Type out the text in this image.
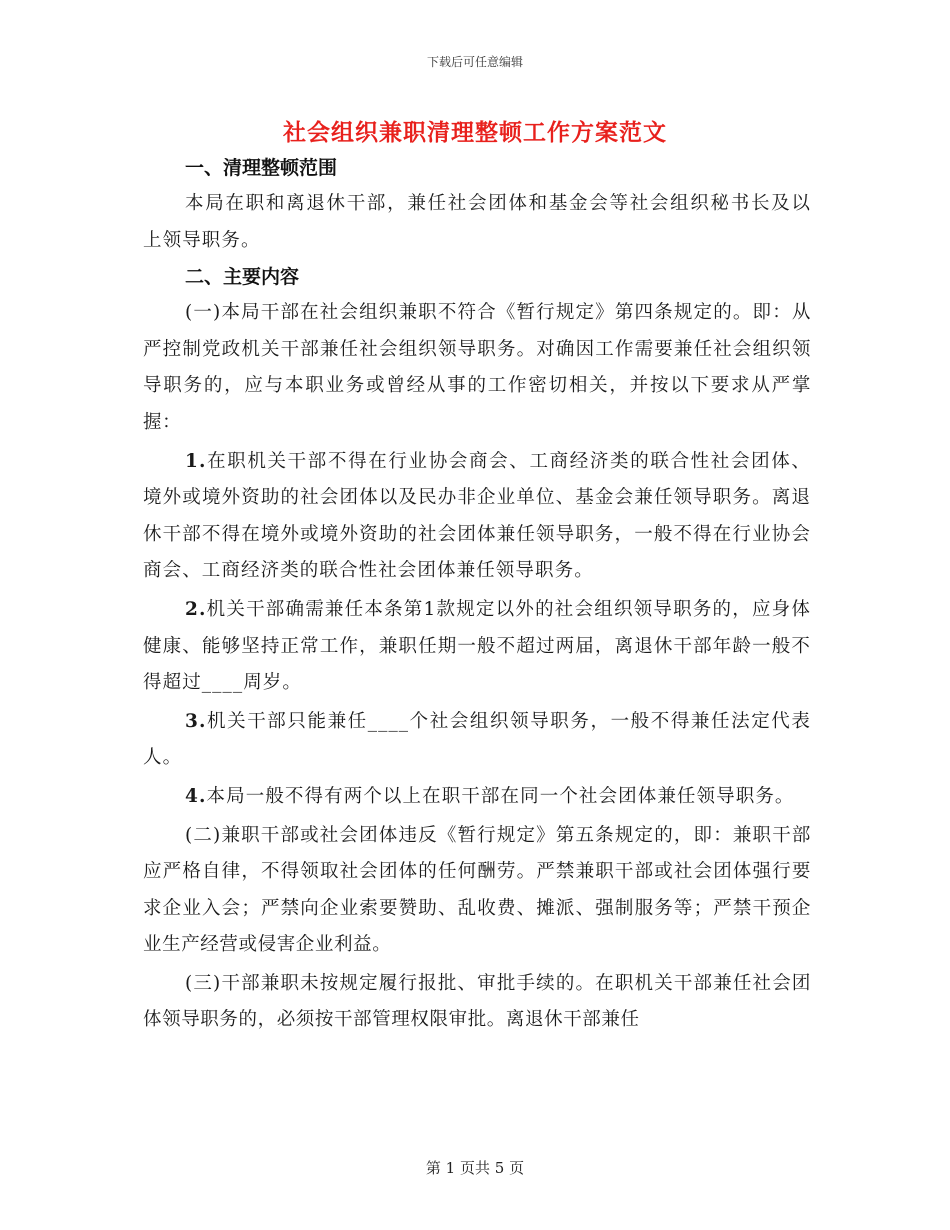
下载后可任意编辑
社会组织兼职清理整顿工作方案范文

一、清理整顿范围

本局在职和离退休干部，兼任社会团体和基金会等社会组织秘书长及以上领导职务。

二、主要内容

(一)本局干部在社会组织兼职不符合《暂行规定》第四条规定的。即：从严控制党政机关干部兼任社会组织领导职务。对确因工作需要兼任社会组织领导职务的，应与本职业务或曾经从事的工作密切相关，并按以下要求从严掌握：

1.在职机关干部不得在行业协会商会、工商经济类的联合性社会团体、境外或境外资助的社会团体以及民办非企业单位、基金会兼任领导职务。离退休干部不得在境外或境外资助的社会团体兼任领导职务，一般不得在行业协会商会、工商经济类的联合性社会团体兼任领导职务。

2.机关干部确需兼任本条第1款规定以外的社会组织领导职务的，应身体健康、能够坚持正常工作，兼职任期一般不超过两届，离退休干部年龄一般不得超过____周岁。

3.机关干部只能兼任____个社会组织领导职务，一般不得兼任法定代表人。

4.本局一般不得有两个以上在职干部在同一个社会团体兼任领导职务。

(二)兼职干部或社会团体违反《暂行规定》第五条规定的，即：兼职干部应严格自律，不得领取社会团体的任何酬劳。严禁兼职干部或社会团体强行要求企业入会；严禁向企业索要赞助、乱收费、摊派、强制服务等；严禁干预企业生产经营或侵害企业利益。

(三)干部兼职未按规定履行报批、审批手续的。在职机关干部兼任社会团体领导职务的，必须按干部管理权限审批。离退休干部兼任

第 1 页共 5 页
